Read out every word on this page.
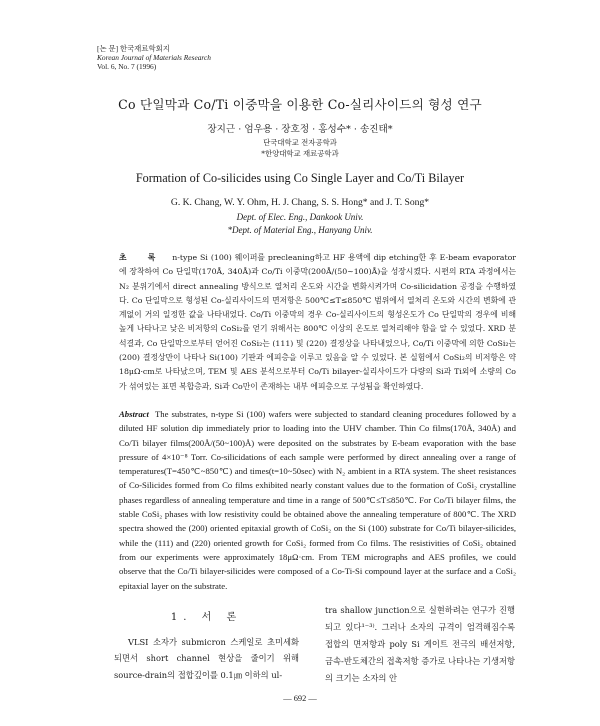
[논 문] 한국재료학회지
Korean Journal of Materials Research
Vol. 6, No. 7 (1996)
Co 단일막과 Co/Ti 이중막을 이용한 Co-실리사이드의 형성 연구
장지근 · 엄우용 · 장호정 · 홍성수* · 송진태*
단국대학교 전자공학과
*한양대학교 재료공학과
Formation of Co-silicides using Co Single Layer and Co/Ti Bilayer
G. K. Chang, W. Y. Ohm, H. J. Chang, S. S. Hong* and J. T. Song*
Dept. of Elec. Eng., Dankook Univ.
*Dept. of Material Eng., Hanyang Univ.
초 록 n-type Si (100) 웨이퍼를 precleaning하고 HF 용액에 dip etching한 후 E-beam evaporator에 장착하여 Co 단일막(170Å, 340Å)과 Co/Ti 이중막(200Å/(50~100)Å)을 성장시켰다. 시편의 RTA 과정에서는 N₂ 분위기에서 direct annealing 방식으로 열처리 온도와 시간을 변화시켜가며 Co-silicidation 공정을 수행하였다. Co 단일막으로 형성된 Co-실리사이드의 면저항은 500℃≤T≤850℃ 범위에서 열처리 온도와 시간의 변화에 관계없이 거의 일정한 값을 나타내었다. Co/Ti 이중막의 경우 Co-실리사이드의 형성온도가 Co 단일막의 경우에 비해 높게 나타나고 낮은 비저항의 CoSi₂를 얻기 위해서는 800℃ 이상의 온도로 열처리해야 함을 알 수 있었다. XRD 분석결과, Co 단일막으로부터 얻어진 CoSi₂는 (111) 및 (220) 결정상을 나타내었으나, Co/Ti 이중막에 의한 CoSi₂는 (200) 결정상만이 나타나 Si(100) 기판과 에피층을 이루고 있음을 알 수 있었다. 본 실험에서 CoSi₂의 비저항은 약 18μΩ·cm로 나타났으며, TEM 및 AES 분석으로부터 Co/Ti bilayer-실리사이드가 다량의 Si과 Ti외에 소량의 Co가 섞여있는 표면 복합층과, Si과 Co만이 존재하는 내부 에피층으로 구성됨을 확인하였다.
Abstract The substrates, n-type Si (100) wafers were subjected to standard cleaning procedures followed by a diluted HF solution dip immediately prior to loading into the UHV chamber. Thin Co films(170Å, 340Å) and Co/Ti bilayer films(200Å/(50~100)Å) were deposited on the substrates by E-beam evaporation with the base pressure of 4×10⁻⁸ Torr. Co-silicidations of each sample were performed by direct annealing over a range of temperatures(T=450℃~850℃) and times(t=10~50sec) with N₂ ambient in a RTA system. The sheet resistances of Co-Silicides formed from Co films exhibited nearly constant values due to the formation of CoSi₂ crystalline phases regardless of annealing temperature and time in a range of 500℃≤T≤850℃. For Co/Ti bilayer films, the stable CoSi₂ phases with low resistivity could be obtained above the annealing temperature of 800℃. The XRD spectra showed the (200) oriented epitaxial growth of CoSi₂ on the Si (100) substrate for Co/Ti bilayer-silicides, while the (111) and (220) oriented growth for CoSi₂ formed from Co films. The resistivities of CoSi₂ obtained from our experiments were approximately 18μΩ·cm. From TEM micrographs and AES profiles, we could observe that the Co/Ti bilayer-silicides were composed of a Co-Ti-Si compound layer at the surface and a CoSi₂ epitaxial layer on the substrate.
1. 서 론

VLSI 소자가 submicron 스케일로 초미세화 되면서 short channel 현상을 줄이기 위해 source-drain의 접합깊이를 0.1㎛ 이하의 ul-

tra shallow junction으로 실현하려는 연구가 진행되고 있다¹⁻³⁾. 그러나 소자의 규격이 엄격해짐수록 접합의 면저항과 poly Si 게이트 전극의 배선저항, 금속-반도체간의 접촉저항 증가로 나타나는 기생저항의 크기는 소자의 안

— 692 —
